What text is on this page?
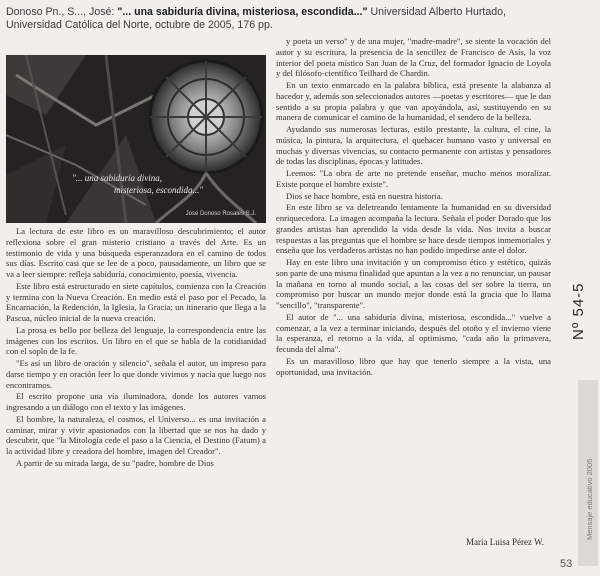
Donoso Pn., S..., José: "... una sabiduría divina, misteriosa, escondida..." Universidad Alberto Hurtado, Universidad Católica del Norte, octubre de 2005, 176 pp.

"... una sabiduría divina,
misteriosa, escondida..."
José Donoso Rosales S.J.

La lectura de este libro es un maravilloso descubrimiento; el autor reflexiona sobre el gran misterio cristiano a través del Arte. Es un testimonio de vida y una búsqueda esperanzadora en el camino de todos sus días. Escrito casi que se lee de a poco, pausadamente, un libro que se va a leer siempre: refleja sabiduría, conocimiento, poesía, vivencia.

Este libro está estructurado en siete capítulos, comienza con la Creación y termina con la Nueva Creación. En medio está el paso por el Pecado, la Encarnación, la Redención, la Iglesia, la Gracia; un itinerario que llega a la Pascua, núcleo inicial de la nueva creación.

La prosa es bello por belleza del lenguaje, la correspondencia entre las imágenes con los escritos. Un libro en el que se habla de la cotidianidad con el soplo de la fe.

"Es así un libro de oración y silencio", señala el autor, un impreso para darse tiempo y en oración leer lo que donde vivimos y nacía que luego nos encontramos.

El escrito propone una vía iluminadora, donde los autores vamos ingresando a un diálogo con el texto y las imágenes.

El hombre, la naturaleza, el cosmos, el Universo... es una invitación a caminar, mirar y vivir apasionados con la libertad que se nos ha dado y descubrir, que "la Mitología cede el paso a la Ciencia, el Destino (Fatum) a la actividad libre y creadora del hombre, imagen del Creador".

A partir de su mirada larga, de su "padre, hombre de Dios

y poeta un verso" y de una mujer, "madre-madre", se siente la vocación del autor y su escritura, la presencia de la sencillez de Francisco de Asís, la voz interior del poeta místico San Juan de la Cruz, del formador Ignacio de Loyola y del filósofo-científico Teilhard de Chardin.

En un texto enmarcado en la palabra bíblica, está presente la alabanza al hacedor y, además son seleccionados autores —poetas y escritores— que le dan sentido a su propia palabra y que van apoyándola, así, sustituyendo en su manera de comunicar el camino de la humanidad, el sendero de la belleza.

Ayudando sus numerosas lecturas, estilo prestante, la cultura, el cine, la música, la pintura, la arquitectura, el quehacer humano vasto y universal en muchas y diversas vivencias, su contacto permanente con artistas y pensadores de todas las disciplinas, épocas y latitudes.

Leemos: "La obra de arte no pretende enseñar, mucho menos moralizar. Existe porque el hombre existe".

Dios se hace hombre, está en nuestra historia.

En este libro se va deletreando lentamente la humanidad en su diversidad enriquecedora. La imagen acompaña la lectura. Señala el poder Dorado que los grandes artistas han aprendido la vida desde la vida. Nos invita a buscar respuestas a las preguntas que el hombre se hace desde tiempos inmemoriales y enseña que los verdaderos artistas no han podido impedirse ante el dolor.

Hay en este libro una invitación y un compromiso ético y estético, quizás son parte de una misma finalidad que apuntan a la vez a no renunciar, un pausar la mañana en torno al mundo social, a las cosas del ser sobre la tierra, un compromiso por buscar un mundo mejor donde está la gracia que lo llama "sencillo", "transparente".

El autor de "... una sabiduría divina, misteriosa, escondida..." vuelve a comenzar, a la vez a terminar iniciando, después del otoño y el invierno viene la esperanza, el retorno a la vida, al optimismo, "cada año la primavera, fecunda del alma".

Es un maravilloso libro que hay que tenerlo siempre a la vista, una oportunidad, una invitación.

María Luisa Pérez W.

Nº 54-5
Mensaje educativo 2005
53
